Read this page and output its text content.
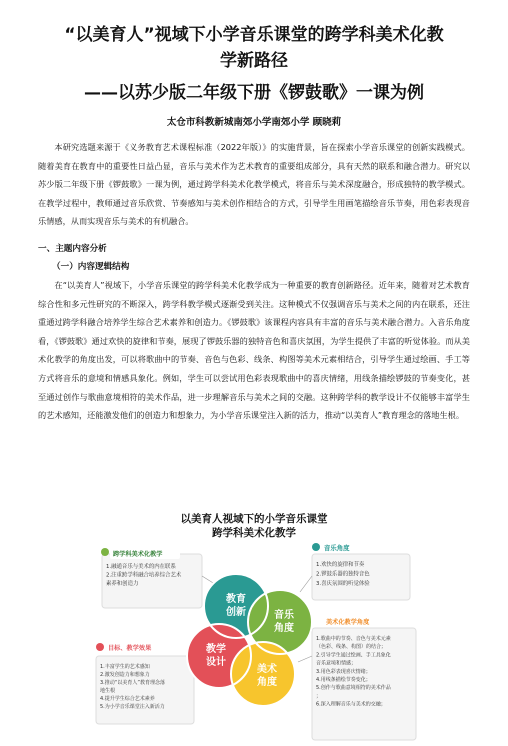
“以美育人”视域下小学音乐课堂的跨学科美术化教
学新路径
——以苏少版二年级下册《锣鼓歌》一课为例
太仓市科教新城南郊小学南郊小学 顾晓莉

本研究选题来源于《义务教育艺术课程标准（2022年版）》的实施背景，旨在探索小学音乐课堂的创新实践模式。随着美育在教育中的重要性日益凸显，音乐与美术作为艺术教育的重要组成部分，具有天然的联系和融合潜力。研究以苏少版二年级下册《锣鼓歌》一课为例，通过跨学科美术化教学模式，将音乐与美术深度融合，形成独特的教学模式。在教学过程中，教师通过音乐欣赏、节奏感知与美术创作相结合的方式，引导学生用画笔描绘音乐节奏，用色彩表现音乐情感，从而实现音乐与美术的有机融合。

一、主题内容分析
（一）内容逻辑结构

在“以美育人”视域下，小学音乐课堂的跨学科美术化教学成为一种重要的教育创新路径。近年来，随着对艺术教育综合性和多元性研究的不断深入，跨学科教学模式逐渐受到关注。这种模式不仅强调音乐与美术之间的内在联系，还注重通过跨学科融合培养学生综合艺术素养和创造力。《锣鼓歌》该课程内容具有丰富的音乐与美术融合潜力。入音乐角度看，《锣鼓歌》通过欢快的旋律和节奏，展现了锣鼓乐器的独特音色和喜庆氛围，为学生提供了丰富的听觉体验。而从美术化教学的角度出发，可以将歌曲中的节奏、音色与色彩、线条、构图等美术元素相结合，引导学生通过绘画、手工等方式将音乐的意境和情感具象化。例如，学生可以尝试用色彩表现歌曲中的喜庆情绪，用线条描绘锣鼓的节奏变化，甚至通过创作与歌曲意境相符的美术作品，进一步理解音乐与美术之间的交融。这种跨学科的教学设计不仅能够丰富学生的艺术感知，还能激发他们的创造力和想象力，为小学音乐课堂注入新的活力，推动“以美育人”教育理念的落地生根。

以美育人视域下的小学音乐课堂
跨学科美术化教学
跨学科美术化教学
1.融通音乐与美术的内在联系
2.注重跨学科融合培养综合艺术
素养和创造力
音乐角度
1.欢快的旋律和节奏
2.锣鼓乐器的独特音色
3.喜庆氛围的听觉体验
美术化教学角度
1.歌曲中的节奏、音色与美术元素
（色彩、线条、构图）的结合；
2.引导学生通过绘画、手工具象化
音乐意境和情感；
3.用色彩表现喜庆情绪；
4.用线条描绘节奏变化；
5.创作与歌曲意境相符的美术作品
；
6.深入理解音乐与美术的交融；
目标、教学效果
1.丰富学生的艺术感知
2.激发创造力和想象力
3.推动“以美育人”教育理念落
地生根
4.提升学生综合艺术素养
5.为小学音乐课堂注入新活力
教育
创新	音乐
角度
教学
设计
美术
角度
